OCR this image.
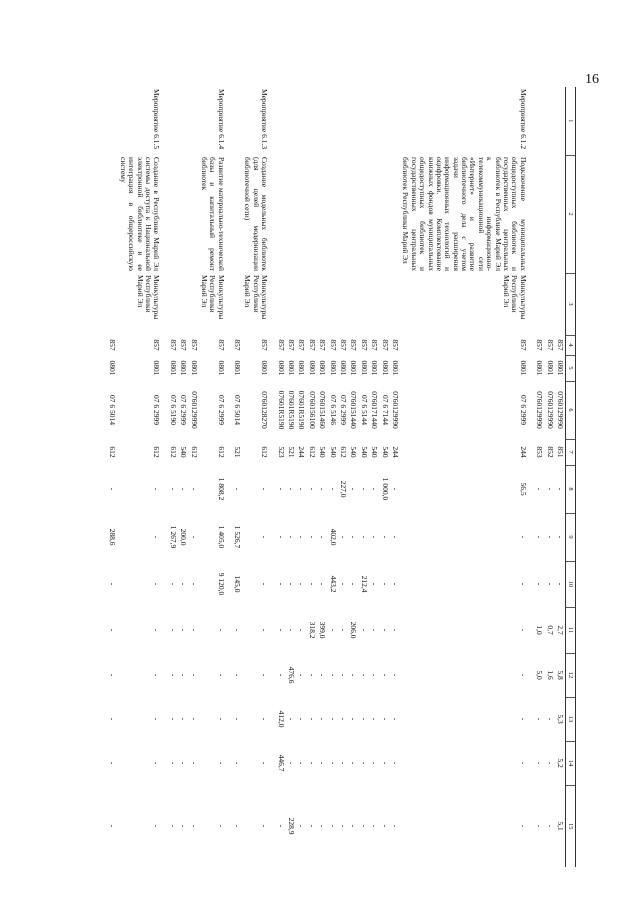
16
1	2	3	4	5	6	7	8	9	10	11	12	13	14	15
			857	0801	0760129990	851	-	-	-	2,7	5,8	5,3	5,2	5,1
			857	0801	0760129990	852	-	-	-	0,7	1,6	-	-	-
			857	0801	0760129990	853	-	-	-	1,0	5,0	-	-	-
Мероприятие 6.1.2	Подключение муниципальных общедоступных библиотек и государственных центральных библиотек в Республике Марий Эл к информационно-телекоммуникационной сети «Интернет» и развитие библиотечного дела с учетом задачи расширения информационных технологий и оцифровки. Комплектование книжных фондов муниципальных общедоступных библиотек и государственных центральных библиотек Республики Марий Эл	Минкультуры Республики Марий Эл	857	0801	07 6 2999	244	56,5	-	-	-	-	-	-	-
			857	0801	0760129990	244	-	-	-	-	-	-	-	-
			857	0801	07 6 7144	540	1 000,0	-	-	-	-	-	-	-
			857	0801	0760171440	540	-	-	-	-	-	-	-	-
			857	0801	07 6 5144	540	-	-	212,4	-	-	-	-	-
			857	0801	0760151440	540	-	-	-	206,0	-	-	-	-
			857	0801	07 6 2999	612	227,0	-	-	-	-	-	-	-
			857	0801	07 6 5146	540	-	402,0	443,2	-	-	-	-	-
			857	0801	0760151460	540	-	-	-	399,0	-	-	-	-
			857	0801	0760156100	612	-	-	-	318,2	-	-	-	-
			857	0801	07601R5190	244	-	-	-	-	-	-	-	-
			857	0801	07601R5190	521	-	-	-	-	476,6	-	-	228,9
			857	0801	07601R5190	523	-	-	-	-	-	412,0	446,7	-
Мероприятие 6.1.3	Создание модельных библиотек (для целей модернизации библиотечной сети)	Минкультуры Республики Марий Эл	857	0801	0760128270	612	-	-	-	-	-	-	-	-
			857	0801	07 6 5014	521	-	1 526,7	145,0	-	-	-	-	-
Мероприятие 6.1.4	Развитие материально-технической базы и капитальный ремонт библиотек	Минкультуры Республики Марий Эл	857	0801	07 6 2999	612	1 808,2	1 405,0	9 120,0	-	-	-	-	-
			857	0801	0760129990	612	-	-	-	-	-	-	-	-
			857	0801	07 6 2999	540	-	200,0	-	-	-	-	-	-
			857	0801	07 6 5190	612	-	1 267,9	-	-	-	-	-	-
Мероприятие 6.1.5	Создание в Республике Марий Эл системы доступа к Национальной электронной библиотеке и ее интеграция в общероссийскую систему	Минкультуры Республики Марий Эл	857	0801	07 6 2999	612	-	-	-	-	-	-	-	-
			857	0801	07 6 5014	612	-	288,6	-	-	-	-	-	-
